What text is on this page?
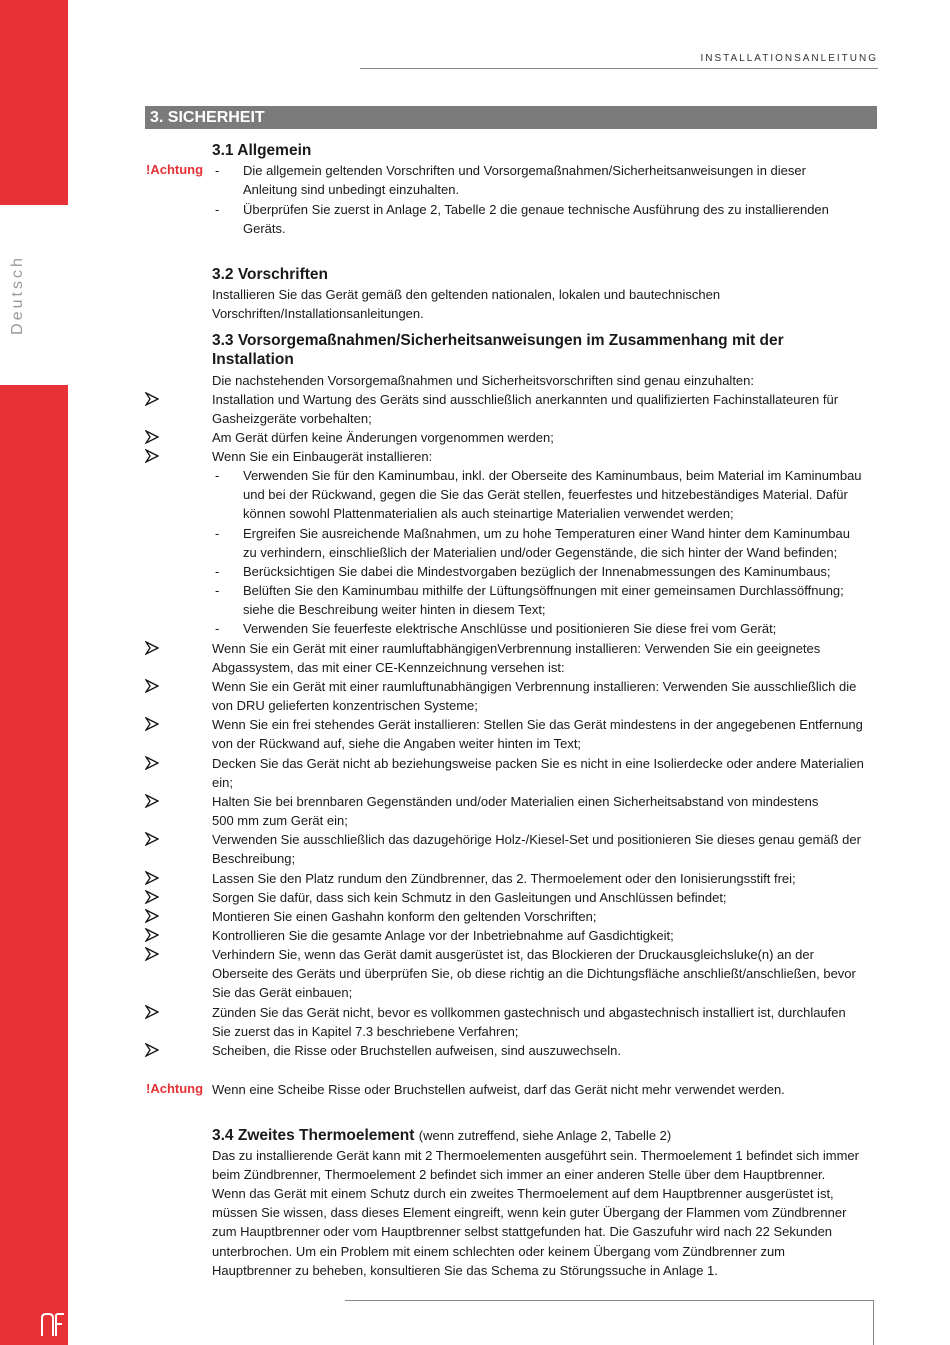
Deutsch
INSTALLATIONSANLEITUNG
3. SICHERHEIT
3.1 Allgemein
!Achtung - Die allgemein geltenden Vorschriften und Vorsorgemaßnahmen/Sicherheitsanweisungen in dieser
Anleitung sind unbedingt einzuhalten.
- Überprüfen Sie zuerst in Anlage 2, Tabelle 2 die genaue technische Ausführung des zu installierenden
Geräts.
3.2 Vorschriften
Installieren Sie das Gerät gemäß den geltenden nationalen, lokalen und bautechnischen
Vorschriften/Installationsanleitungen.
3.3 Vorsorgemaßnahmen/Sicherheitsanweisungen im Zusammenhang mit der
Installation
Die nachstehenden Vorsorgemaßnahmen und Sicherheitsvorschriften sind genau einzuhalten:
-
-
-
-
-
Installation und Wartung des Geräts sind ausschließlich anerkannten und qualifizierten Fachinstallateuren für
Gasheizgeräte vorbehalten;
Am Gerät dürfen keine Änderungen vorgenommen werden;
Wenn Sie ein Einbaugerät installieren:
Verwenden Sie für den Kaminumbau, inkl. der Oberseite des Kaminumbaus, beim Material im Kaminumbau
und bei der Rückwand, gegen die Sie das Gerät stellen, feuerfestes und hitzebeständiges Material. Dafür
können sowohl Plattenmaterialien als auch steinartige Materialien verwendet werden;
Ergreifen Sie ausreichende Maßnahmen, um zu hohe Temperaturen einer Wand hinter dem Kaminumbau
zu verhindern, einschließlich der Materialien und/oder Gegenstände, die sich hinter der Wand befinden;
Berücksichtigen Sie dabei die Mindestvorgaben bezüglich der Innenabmessungen des Kaminumbaus;
Belüften Sie den Kaminumbau mithilfe der Lüftungsöffnungen mit einer gemeinsamen Durchlassöffnung;
siehe die Beschreibung weiter hinten in diesem Text;
Verwenden Sie feuerfeste elektrische Anschlüsse und positionieren Sie diese frei vom Gerät;
Wenn Sie ein Gerät mit einer raumluftabhängigenVerbrennung installieren: Verwenden Sie ein geeignetes
Abgassystem, das mit einer CE-Kennzeichnung versehen ist:
Wenn Sie ein Gerät mit einer raumluftunabhängigen Verbrennung installieren: Verwenden Sie ausschließlich die
von DRU gelieferten konzentrischen Systeme;
Wenn Sie ein frei stehendes Gerät installieren: Stellen Sie das Gerät mindestens in der angegebenen Entfernung
von der Rückwand auf, siehe die Angaben weiter hinten im Text;
Decken Sie das Gerät nicht ab beziehungsweise packen Sie es nicht in eine Isolierdecke oder andere Materialien
ein;
Halten Sie bei brennbaren Gegenständen und/oder Materialien einen Sicherheitsabstand von mindestens
500 mm zum Gerät ein;
Verwenden Sie ausschließlich das dazugehörige Holz-/Kiesel-Set und positionieren Sie dieses genau gemäß der
Beschreibung;
Lassen Sie den Platz rundum den Zündbrenner, das 2. Thermoelement oder den Ionisierungsstift frei;
Sorgen Sie dafür, dass sich kein Schmutz in den Gasleitungen und Anschlüssen befindet;
Montieren Sie einen Gashahn konform den geltenden Vorschriften;
Kontrollieren Sie die gesamte Anlage vor der Inbetriebnahme auf Gasdichtigkeit;
Verhindern Sie, wenn das Gerät damit ausgerüstet ist, das Blockieren der Druckausgleichsluke(n) an der
Oberseite des Geräts und überprüfen Sie, ob diese richtig an die Dichtungsfläche anschließt/anschließen, bevor
Sie das Gerät einbauen;
Zünden Sie das Gerät nicht, bevor es vollkommen gastechnisch und abgastechnisch installiert ist, durchlaufen
Sie zuerst das in Kapitel 7.3 beschriebene Verfahren;
Scheiben, die Risse oder Bruchstellen aufweisen, sind auszuwechseln.
!Achtung Wenn eine Scheibe Risse oder Bruchstellen aufweist, darf das Gerät nicht mehr verwendet werden.
3.4 Zweites Thermoelement (wenn zutreffend, siehe Anlage 2, Tabelle 2)
Das zu installierende Gerät kann mit 2 Thermoelementen ausgeführt sein. Thermoelement 1 befindet sich immer
beim Zündbrenner, Thermoelement 2 befindet sich immer an einer anderen Stelle über dem Hauptbrenner.
Wenn das Gerät mit einem Schutz durch ein zweites Thermoelement auf dem Hauptbrenner ausgerüstet ist,
müssen Sie wissen, dass dieses Element eingreift, wenn kein guter Übergang der Flammen vom Zündbrenner
zum Hauptbrenner oder vom Hauptbrenner selbst stattgefunden hat. Die Gaszufuhr wird nach 22 Sekunden
unterbrochen. Um ein Problem mit einem schlechten oder keinem Übergang vom Zündbrenner zum
Hauptbrenner zu beheben, konsultieren Sie das Schema zu Störungssuche in Anlage 1.
